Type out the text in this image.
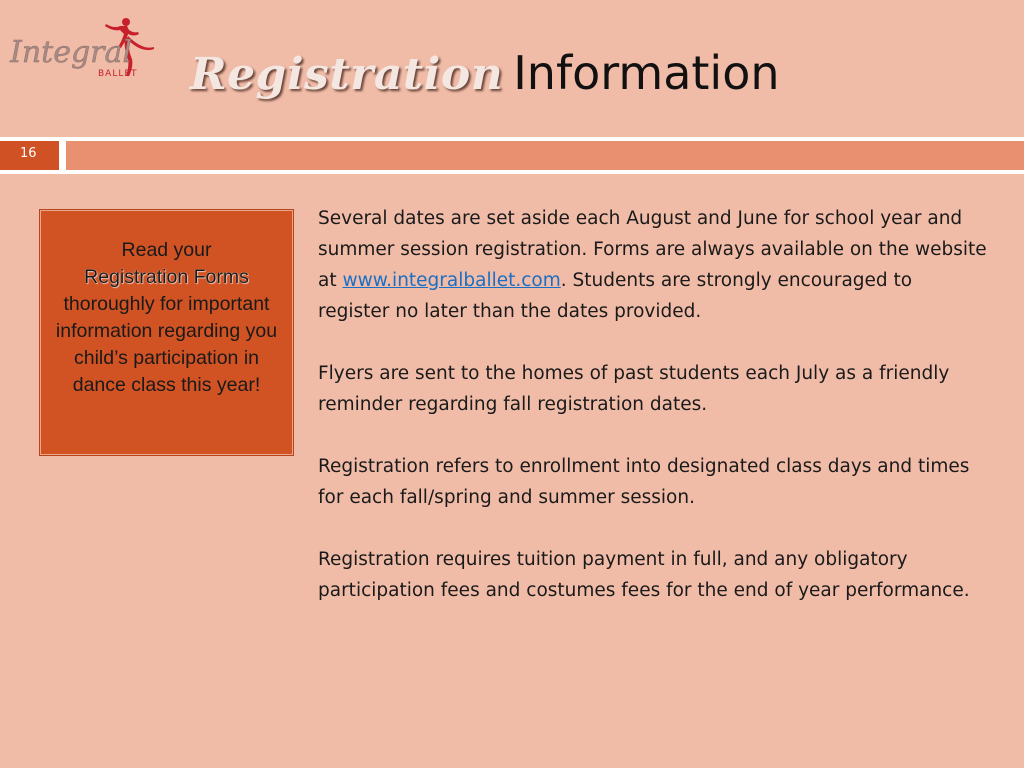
Integral
BALLET Registration Information
16
Read your
Registration Forms
thoroughly for important information regarding you child’s participation in dance class this year!

Several dates are set aside each August and June for school year and summer session registration. Forms are always available on the website at www.integralballet.com. Students are strongly encouraged to register no later than the dates provided.

Flyers are sent to the homes of past students each July as a friendly reminder regarding fall registration dates.

Registration refers to enrollment into designated class days and times for each fall/spring and summer session.

Registration requires tuition payment in full, and any obligatory participation fees and costumes fees for the end of year performance.
